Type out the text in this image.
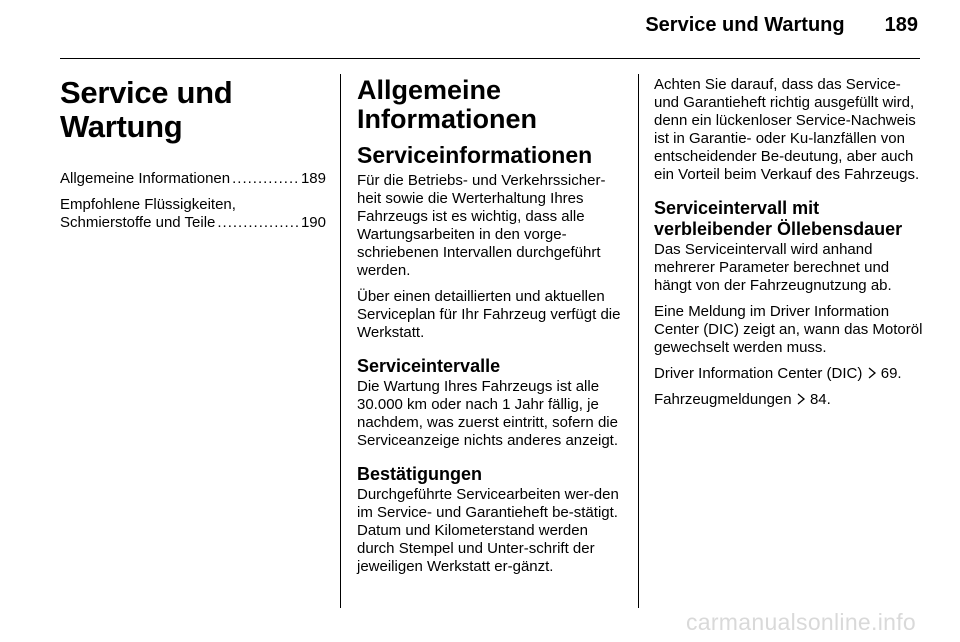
Service und Wartung 189
Service und Wartung
Allgemeine Informationen .....	189
Empfohlene Flüssigkeiten,
Schmierstoffe und Teile .....	190
Allgemeine
Informationen
Serviceinformationen

Für die Betriebs- und Verkehrssicher-heit sowie die Werterhaltung Ihres Fahrzeugs ist es wichtig, dass alle Wartungsarbeiten in den vorge-schriebenen Intervallen durchgeführt werden.

Über einen detaillierten und aktuellen Serviceplan für Ihr Fahrzeug verfügt die Werkstatt.

Serviceintervalle

Die Wartung Ihres Fahrzeugs ist alle 30.000 km oder nach 1 Jahr fällig, je nachdem, was zuerst eintritt, sofern die Serviceanzeige nichts anderes anzeigt.

Bestätigungen

Durchgeführte Servicearbeiten wer-den im Service- und Garantieheft be-stätigt. Datum und Kilometerstand werden durch Stempel und Unter-schrift der jeweiligen Werkstatt er-gänzt.

Achten Sie darauf, dass das Service- und Garantieheft richtig ausgefüllt wird, denn ein lückenloser Service-Nachweis ist in Garantie- oder Ku-lanzfällen von entscheidender Be-deutung, aber auch ein Vorteil beim Verkauf des Fahrzeugs.

Serviceintervall mit
verbleibender Öllebensdauer

Das Serviceintervall wird anhand mehrerer Parameter berechnet und hängt von der Fahrzeugnutzung ab.

Eine Meldung im Driver Information Center (DIC) zeigt an, wann das Motoröl gewechselt werden muss.

Driver Information Center (DIC) 69.

Fahrzeugmeldungen 84.

carmanualsonline.info
